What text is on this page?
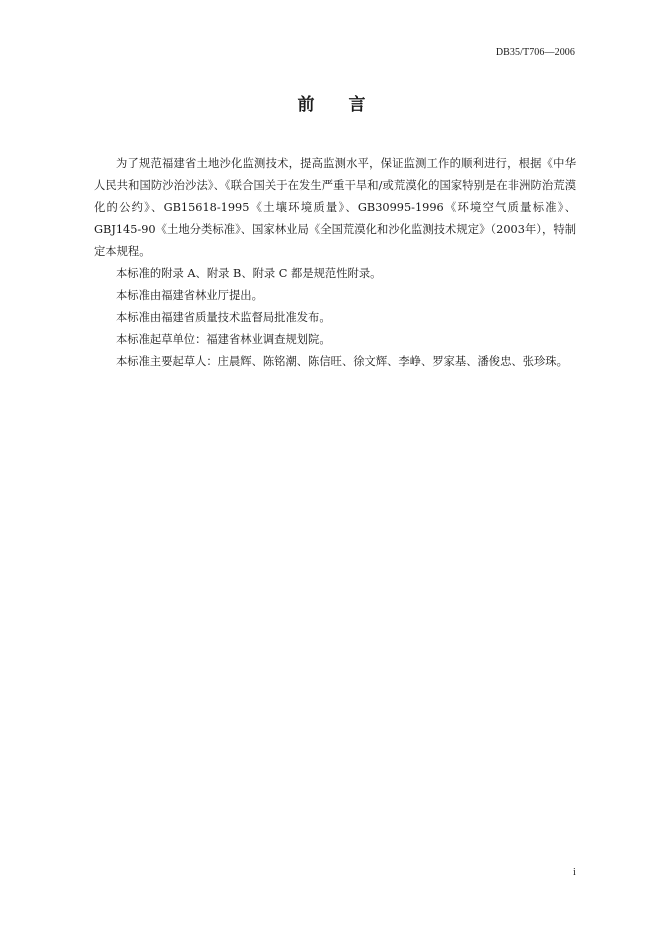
DB35/T706—2006
前 言

为了规范福建省土地沙化监测技术，提高监测水平，保证监测工作的顺利进行，根据《中华人民共和国防沙治沙法》、《联合国关于在发生严重干旱和/或荒漠化的国家特别是在非洲防治荒漠化的公约》、GB15618-1995《土壤环境质量》、GB30995-1996《环境空气质量标准》、GBJ145-90《土地分类标准》、国家林业局《全国荒漠化和沙化监测技术规定》（2003年），特制定本规程。

本标准的附录 A、附录 B、附录 C 都是规范性附录。

本标准由福建省林业厅提出。

本标准由福建省质量技术监督局批准发布。

本标准起草单位：福建省林业调查规划院。

本标准主要起草人：庄晨辉、陈铭潮、陈信旺、徐文辉、李峥、罗家基、潘俊忠、张珍珠。

i
